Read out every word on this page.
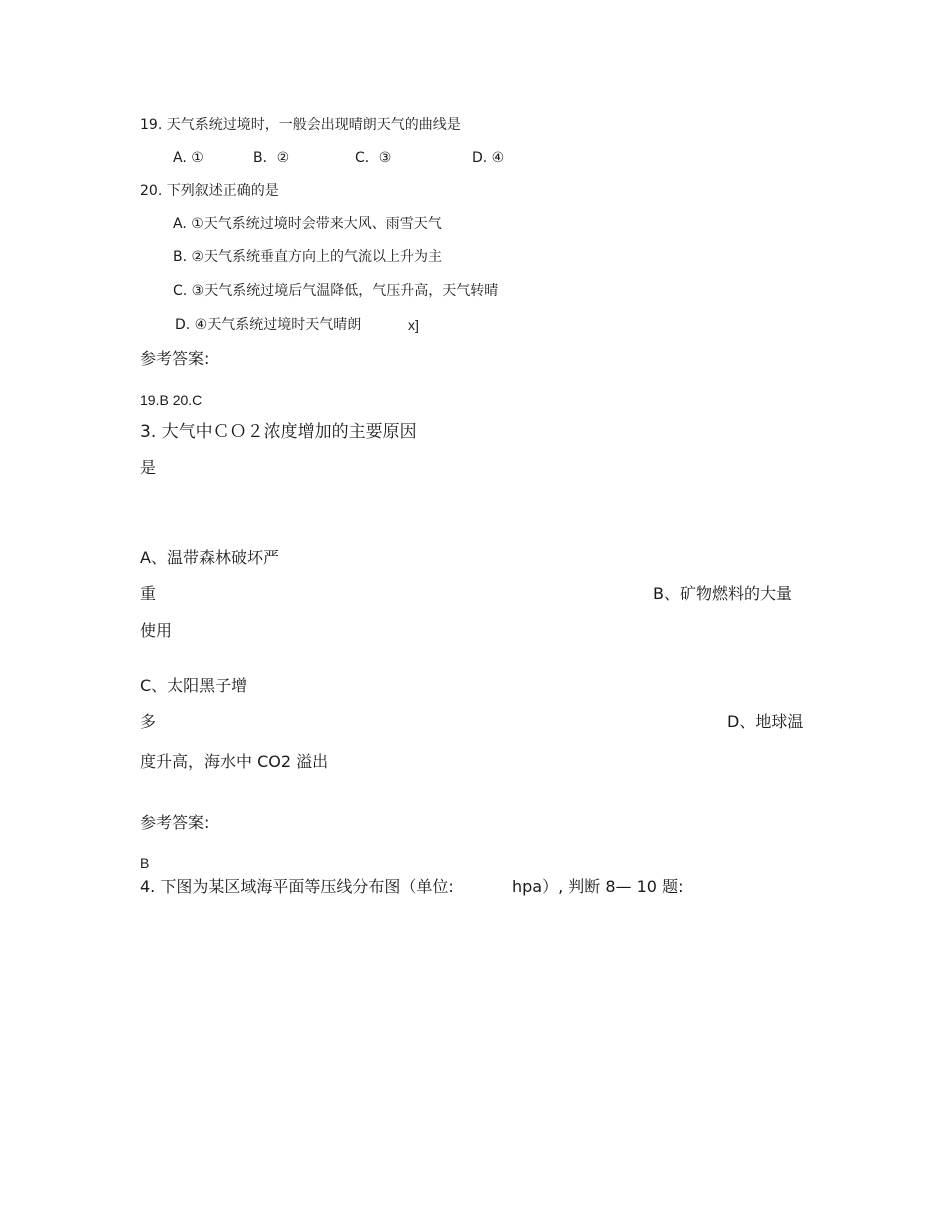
19. 天气系统过境时，一般会出现晴朗天气的曲线是
A. ①	B．②	C．③	D. ④
20. 下列叙述正确的是
A. ①天气系统过境时会带来大风、雨雪天气
B. ②天气系统垂直方向上的气流以上升为主
C. ③天气系统过境后气温降低，气压升高，天气转晴
D. ④天气系统过境时天气晴朗	x]
参考答案:
19.B 20.C
3. 大气中ＣＯ２浓度增加的主要原因
是
A、温带森林破坏严
重	B、矿物燃料的大量
使用
C、太阳黑子增
多	D、地球温
度升高，海水中 CO2 溢出
参考答案:
B
4. 下图为某区域海平面等压线分布图（单位:	hpa）, 判断 8— 10 题:
